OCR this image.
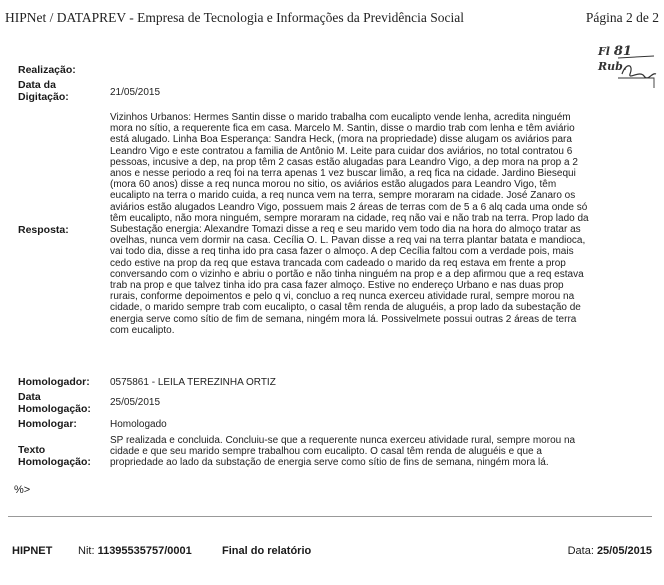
HIPNet / DATAPREV - Empresa de Tecnologia e Informações da Previdência Social	Página 2 de 2
Fl 81
Rub.
Realização:
Data da
Digitação:	21/05/2015
Resposta:
Vizinhos Urbanos: Hermes Santin disse o marido trabalha com eucalipto vende lenha, acredita ninguém mora no sítio, a requerente fica em casa. Marcelo M. Santin, disse o mardio trab com lenha e têm aviário está alugado. Linha Boa Esperança: Sandra Heck, (mora na propriedade) disse alugam os aviários para Leandro Vigo e este contratou a familia de Antônio M. Leite para cuidar dos aviários, no total contratou 6 pessoas, incusive a dep, na prop têm 2 casas estão alugadas para Leandro Vigo, a dep mora na prop a 2 anos e nesse periodo a req foi na terra apenas 1 vez buscar limão, a req fica na cidade. Jardino Biesequi (mora 60 anos) disse a req nunca morou no sitio, os aviários estão alugados para Leandro Vigo, têm eucalipto na terra o marido cuida, a req nunca vem na terra, sempre moraram na cidade. José Zanaro os aviários estão alugados Leandro Vigo, possuem mais 2 áreas de terras com de 5 a 6 alq cada uma onde só têm eucalipto, não mora ninguém, sempre moraram na cidade, req não vai e não trab na terra. Prop lado da Subestação energia: Alexandre Tomazi disse a req e seu marido vem todo dia na hora do almoço tratar as ovelhas, nunca vem dormir na casa. Cecília O. L. Pavan disse a req vai na terra plantar batata e mandioca, vai todo dia, disse a req tinha ido pra casa fazer o almoço. A dep Cecília faltou com a verdade pois, mais cedo estive na prop da req que estava trancada com cadeado o marido da req estava em frente a prop conversando com o vizinho e abriu o portão e não tinha ninguém na prop e a dep afirmou que a req estava trab na prop e que talvez tinha ido pra casa fazer almoço. Estive no endereço Urbano e nas duas prop rurais, conforme depoimentos e pelo q vi, concluo a req nunca exerceu atividade rural, sempre morou na cidade, o marido sempre trab com eucalipto, o casal têm renda de aluguéis, a prop lado da subestação de energia serve como sítio de fim de semana, ningém mora lá. Possivelmete possui outras 2 áreas de terra com eucalipto.
Homologador: 0575861 - LEILA TEREZINHA ORTIZ
Data
Homologação:
25/05/2015
Homologar:	Homologado
Texto
Homologação:
SP realizada e concluida. Concluiu-se que a requerente nunca exerceu atividade rural, sempre morou na cidade e que seu marido sempre trabalhou com eucalipto. O casal têm renda de aluguéis e que a propriedade ao lado da substação de energia serve como sítio de fins de semana, ningém mora lá.
%>
HIPNET Nit: 11395535757/0001	Final do relatório	Data: 25/05/2015
